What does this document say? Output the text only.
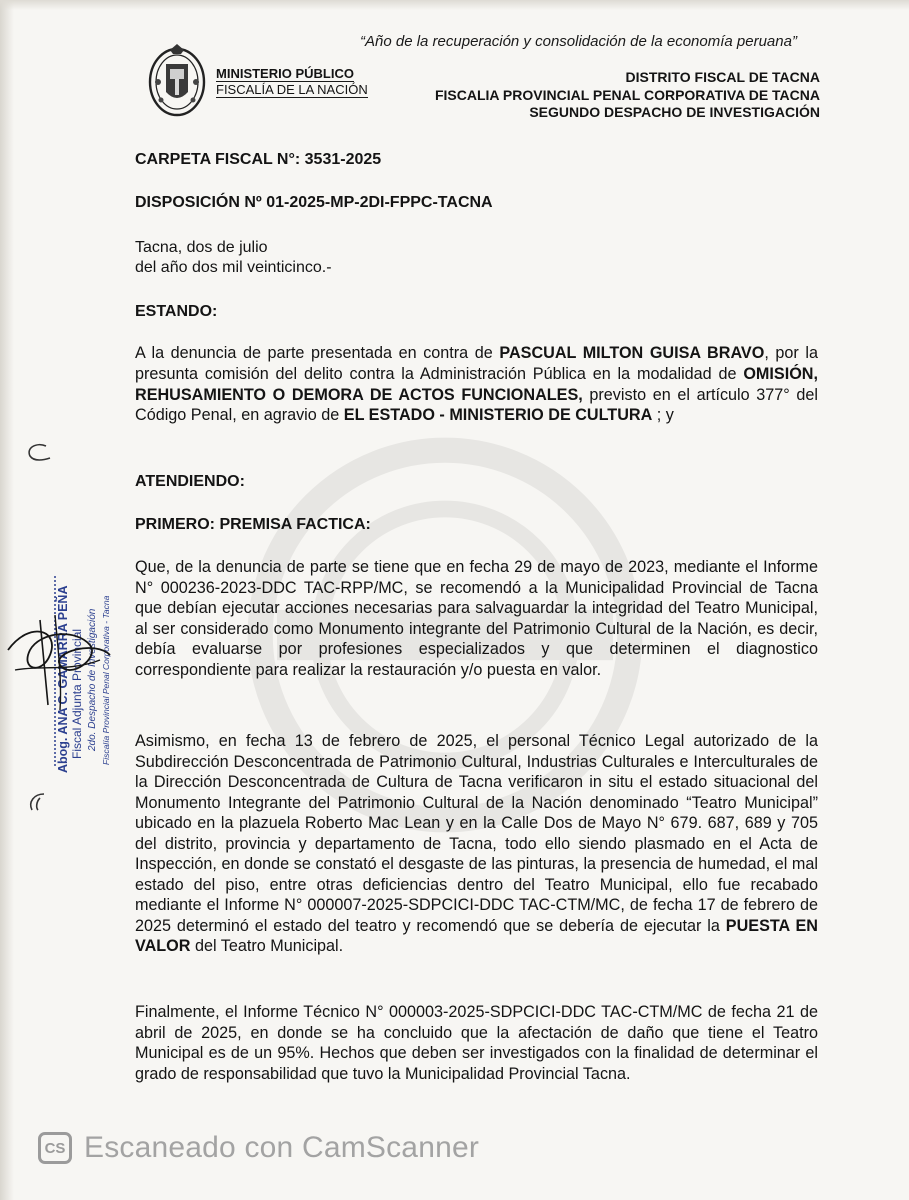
“Año de la recuperación y consolidación de la economía peruana”
MINISTERIO PÚBLICO
FISCALÍA DE LA NACIÓN
DISTRITO FISCAL DE TACNA
FISCALIA PROVINCIAL PENAL CORPORATIVA DE TACNA
SEGUNDO DESPACHO DE INVESTIGACIÓN
CARPETA FISCAL N°: 3531-2025
DISPOSICIÓN Nº 01-2025-MP-2DI-FPPC-TACNA
Tacna, dos de julio
del año dos mil veinticinco.-
ESTANDO:
A la denuncia de parte presentada en contra de PASCUAL MILTON GUISA BRAVO, por la presunta comisión del delito contra la Administración Pública en la modalidad de OMISIÓN, REHUSAMIENTO O DEMORA DE ACTOS FUNCIONALES, previsto en el artículo 377° del Código Penal, en agravio de EL ESTADO - MINISTERIO DE CULTURA ; y
ATENDIENDO:
PRIMERO: PREMISA FACTICA:
Que, de la denuncia de parte se tiene que en fecha 29 de mayo de 2023, mediante el Informe N° 000236-2023-DDC TAC-RPP/MC, se recomendó a la Municipalidad Provincial de Tacna que debían ejecutar acciones necesarias para salvaguardar la integridad del Teatro Municipal, al ser considerado como Monumento integrante del Patrimonio Cultural de la Nación, es decir, debía evaluarse por profesiones especializados y que determinen el diagnostico correspondiente para realizar la restauración y/o puesta en valor.
Asimismo, en fecha 13 de febrero de 2025, el personal Técnico Legal autorizado de la Subdirección Desconcentrada de Patrimonio Cultural, Industrias Culturales e Interculturales de la Dirección Desconcentrada de Cultura de Tacna verificaron in situ el estado situacional del Monumento Integrante del Patrimonio Cultural de la Nación denominado “Teatro Municipal” ubicado en la plazuela Roberto Mac Lean y en la Calle Dos de Mayo N° 679. 687, 689 y 705 del distrito, provincia y departamento de Tacna, todo ello siendo plasmado en el Acta de Inspección, en donde se constató el desgaste de las pinturas, la presencia de humedad, el mal estado del piso, entre otras deficiencias dentro del Teatro Municipal, ello fue recabado mediante el Informe N° 000007-2025-SDPCICI-DDC TAC-CTM/MC, de fecha 17 de febrero de 2025 determinó el estado del teatro y recomendó que se debería de ejecutar la PUESTA EN VALOR del Teatro Municipal.
Finalmente, el Informe Técnico N° 000003-2025-SDPCICI-DDC TAC-CTM/MC de fecha 21 de abril de 2025, en donde se ha concluido que la afectación de daño que tiene el Teatro Municipal es de un 95%. Hechos que deben ser investigados con la finalidad de determinar el grado de responsabilidad que tuvo la Municipalidad Provincial Tacna.
Abog. ANA C. GAMARRA PEÑA Fiscal Adjunta Provincial 2do. Despacho de Investigación Fiscalía Provincial Penal Corporativa - Tacna
CS Escaneado con CamScanner
